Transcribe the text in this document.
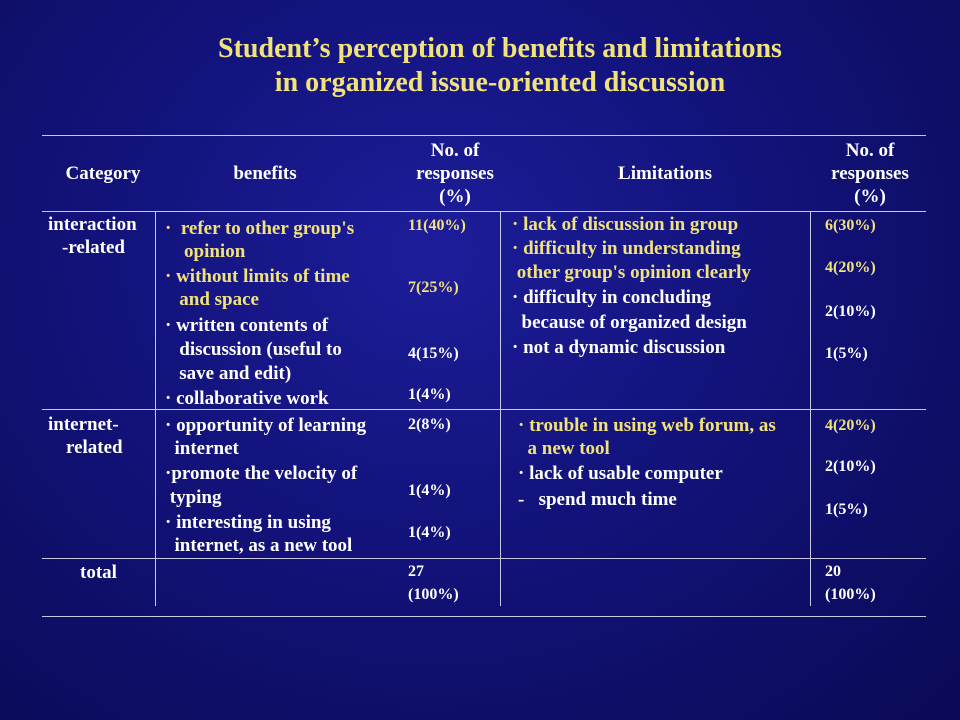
Student’s perception of benefits and limitations
in organized issue-oriented discussion
Category	benefits
No. of
responses
(%)
Limitations
No. of
responses
(%)
interaction
-related
·  refer to other group's
opinion
· without limits of time
and space
· written contents of
discussion (useful to
save and edit)
· collaborative work
11(40%)
7(25%)
4(15%)
1(4%)
· lack of discussion in group
· difficulty in understanding
other group's opinion clearly
· difficulty in concluding
because of organized design
· not a dynamic discussion
6(30%)
4(20%)
2(10%)
1(5%)
internet-
related
· opportunity of learning
internet
·promote the velocity of
typing
· interesting in using
internet, as a new tool
2(8%)
1(4%)
1(4%)
· trouble in using web forum, as
a new tool
· lack of usable computer
-   spend much time
4(20%)
2(10%)
1(5%)
total	27
(100%)
20
(100%)
